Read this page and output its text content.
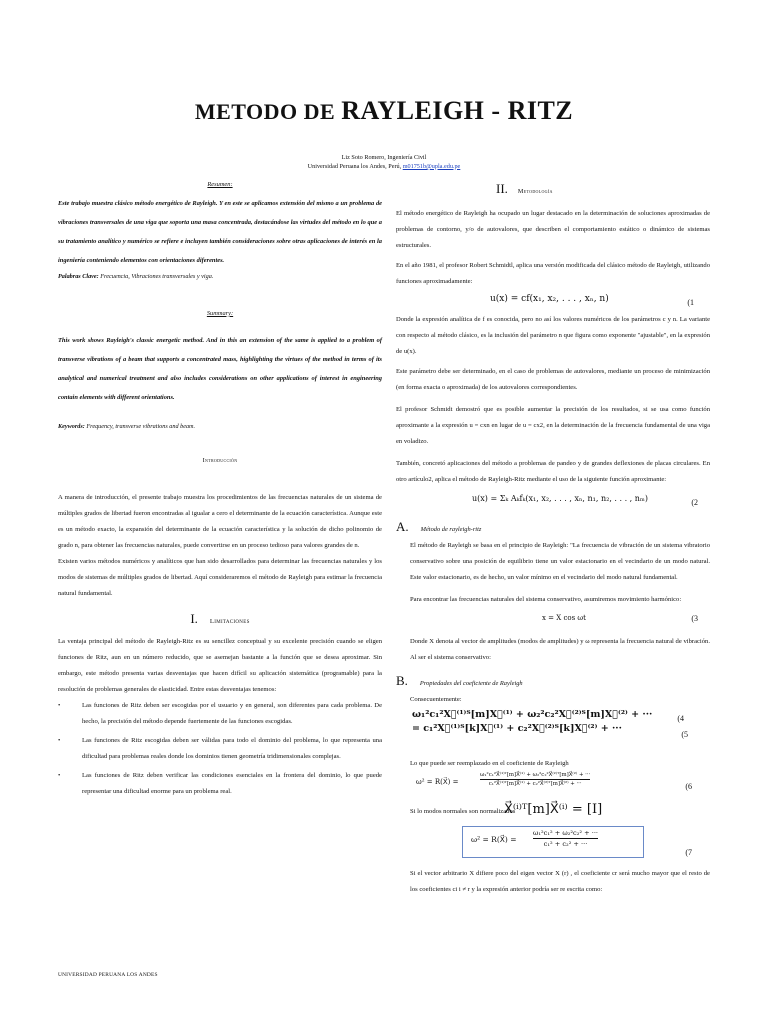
METODO DE RAYLEIGH - RITZ
Liz Soto Romero, Ingeniería Civil
Universidad Peruana los Andes, Perú, m01751b@upla.edu.pe
Resumen:
Este trabajo muestra clásico método energético de Rayleigh. Y en este se aplicamos extensión del mismo a un problema de vibraciones transversales de una viga que soporta una masa concentrada, destacándose las virtudes del método en lo que a su tratamiento analítico y numérico se refiere e incluyen también consideraciones sobre otras aplicaciones de interés en la ingeniería conteniendo elementos con orientaciones diferentes.
Palabras Clave: Frecuencia, Vibraciones transversales y viga.
Summary:
This work shows Rayleigh's classic energetic method. And in this an extension of the same is applied to a problem of transverse vibrations of a beam that supports a concentrated mass, highlighting the virtues of the method in terms of its analytical and numerical treatment and also includes considerations on other applications of interest in engineering contain elements with different orientations.
Keywords: Frequency, transverse vibrations and beam.
Introducción
A manera de introducción, el presente trabajo muestra los procedimientos de las frecuencias naturales de un sistema de múltiples grados de libertad fueron encontradas al igualar a cero el determinante de la ecuación característica. Aunque este es un método exacto, la expansión del determinante de la ecuación característica y la solución de dicho polinomio de grado n, para obtener las frecuencias naturales, puede convertirse en un proceso tedioso para valores grandes de n.
Existen varios métodos numéricos y analíticos que han sido desarrollados para determinar las frecuencias naturales y los modos de sistemas de múltiples grados de libertad. Aquí consideraremos el método de Rayleigh para estimar la frecuencia natural fundamental.
I. Limitaciones
La ventaja principal del método de Rayleigh-Ritz es su sencillez conceptual y su excelente precisión cuando se eligen funciones de Ritz, aun en un número reducido, que se asemejan bastante a la función que se desea aproximar. Sin embargo, este método presenta varias desventajas que hacen difícil su aplicación sistemática (programable) para la resolución de problemas generales de elasticidad. Entre estas desventajas tenemos:
• Las funciones de Ritz deben ser escogidas por el usuario y en general, son diferentes para cada problema. De hecho, la precisión del método depende fuertemente de las funciones escogidas.
• Las funciones de Ritz escogidas deben ser válidas para todo el dominio del problema, lo que representa una dificultad para problemas reales donde los dominios tienen geometría tridimensionales complejas.
• Las funciones de Ritz deben verificar las condiciones esenciales en la frontera del dominio, lo que puede representar una dificultad enorme para un problema real.
II. Metodología
El método energético de Rayleigh ha ocupado un lugar destacado en la determinación de soluciones aproximadas de problemas de contorno, y/o de autovalores, que describen el comportamiento estático o dinámico de sistemas estructurales.
En el año 1981, el profesor Robert Schmidtl, aplica una versión modificada del clásico método de Rayleigh, utilizando funciones aproximadamente:
u(x) = cf(x₁, x₂, . . . , xₙ, n)	(1
Donde la expresión analítica de f es conocida, pero no así los valores numéricos de los parámetros c y n. La variante con respecto al método clásico, es la inclusión del parámetro n que figura como exponente "ajustable", en la expresión de u(x).
Este parámetro debe ser determinado, en el caso de problemas de autovalores, mediante un proceso de minimización (en forma exacta o aproximada) de los autovalores correspondientes.
El profesor Schmidt demostró que es posible aumentar la precisión de los resultados, si se usa como función aproximante a la expresión u = cxn en lugar de u = cx2, en la determinación de la frecuencia fundamental de una viga en voladizo.
También, concretó aplicaciones del método a problemas de pandeo y de grandes deflexiones de placas circulares. En otro artículo2, aplica el método de Rayleigh-Ritz mediante el uso de la siguiente función aproximante:
u(x) = Σₖ Aₖfₖ(x₁, x₂, . . . , xₙ, n₁, n₂, . . . , nₘ)	(2
A. Método de rayleigh-ritz
El método de Rayleigh se basa en el principio de Rayleigh: "La frecuencia de vibración de un sistema vibratorio conservativo sobre una posición de equilibrio tiene un valor estacionario en el vecindario de un modo natural. Este valor estacionario, es de hecho, un valor mínimo en el vecindario del modo natural fundamental.
Para encontrar las frecuencias naturales del sistema conservativo, asumiremos movimiento harmónico:
x = X cos ωt	(3
Donde X denota al vector de amplitudes (modos de amplitudes) y ω representa la frecuencia natural de vibración. Al ser el sistema conservativo:
B. Propiedades del coeficiente de Rayleigh
Consecuentemente:
ω₁²c₁²X⃗⁽¹⁾ᵀ[m]X⃗⁽¹⁾ + ω₂²c₂²X⃗⁽²⁾ᵀ[m]X⃗⁽²⁾ + ···
= c₁²X⃗⁽¹⁾ᵀ[k]X⃗⁽¹⁾ + c₂²X⃗⁽²⁾ᵀ[k]X⃗⁽²⁾ + ···
(4
(5
Lo que puede ser reemplazado en el coeficiente de Rayleigh
ω² = R(X⃗) =	$\frac{\text{ω₁²c₁²X⃗⁽¹⁾ᵀ[m]X⃗⁽¹⁾ + ω₂²c₂²X⃗⁽²⁾ᵀ[m]X⃗⁽²⁾ + ···}}{\text{c₁²X⃗⁽¹⁾ᵀ[m]X⃗⁽¹⁾ + c₂²X⃗⁽²⁾ᵀ[m]X⃗⁽²⁾ + ···}}$	(6
Si lo modos normales son normalizados
X⃗⁽ⁱ⁾ᵀ[m]X⃗⁽ⁱ⁾ = [I]
ω² = R(X⃗) =	$\frac{\text{ω₁²c₁² + ω₂²c₂² + ···}}{\text{c₁² + c₂² + ···}}$
(7
Si el vector arbitrario X difiere poco del eigen vector X (r) , el coeficiente cr será mucho mayor que el resto de los coeficientes ci i ≠ r y la expresión anterior podría ser re escrita como:
UNIVERSIDAD PERUANA LOS ANDES
